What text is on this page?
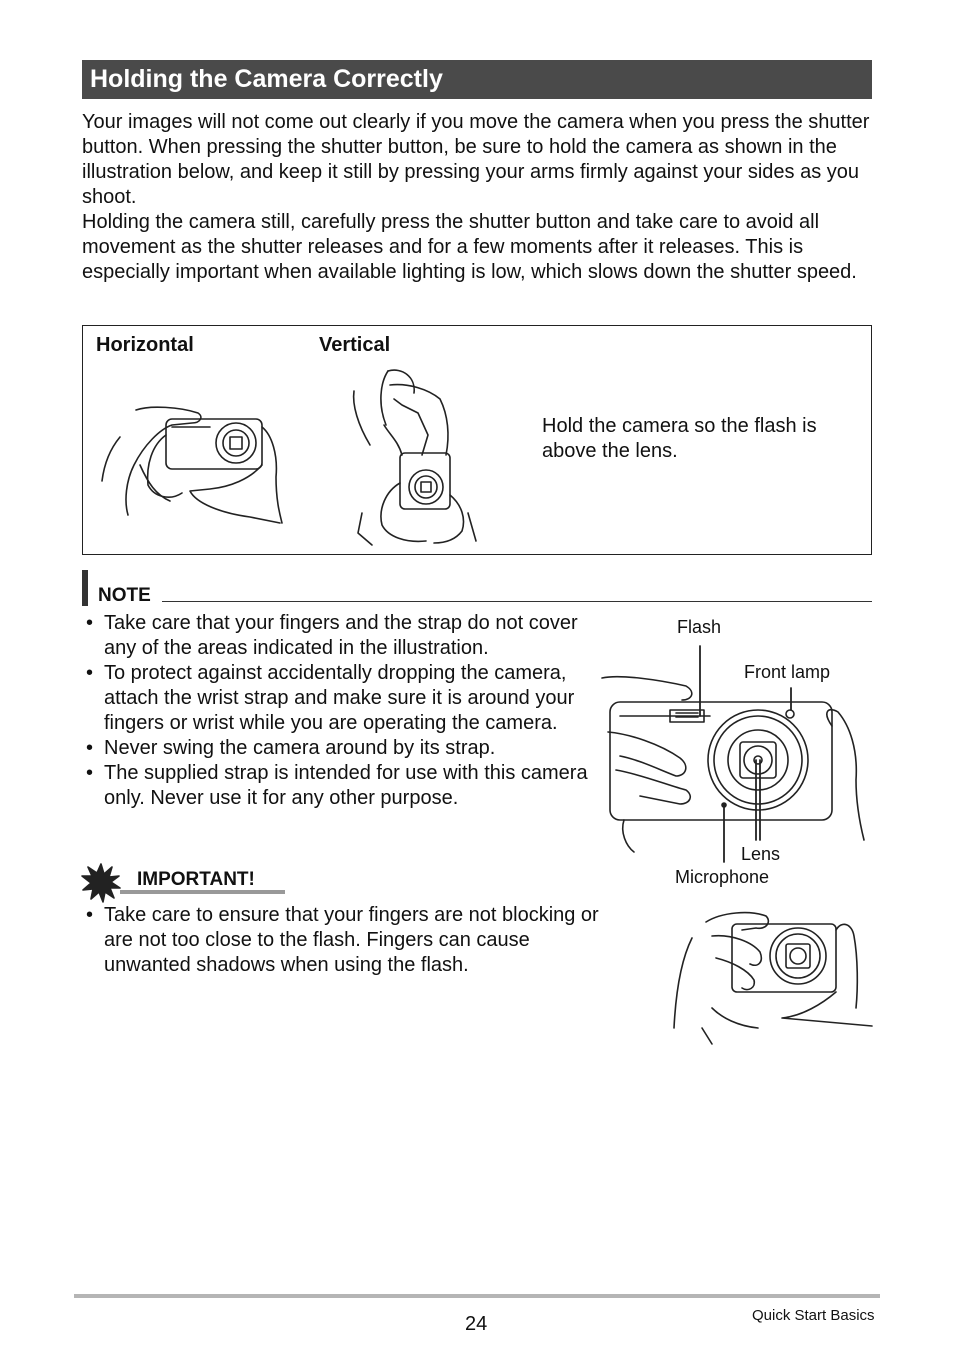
Holding the Camera Correctly

Your images will not come out clearly if you move the camera when you press the shutter button. When pressing the shutter button, be sure to hold the camera as shown in the illustration below, and keep it still by pressing your arms firmly against your sides as you shoot.

Holding the camera still, carefully press the shutter button and take care to avoid all movement as the shutter releases and for a few moments after it releases. This is especially important when available lighting is low, which slows down the shutter speed.

Horizontal	Vertical
Hold the camera so the flash is above the lens.
NOTE
• Take care that your fingers and the strap do not cover any of the areas indicated in the illustration.
• To protect against accidentally dropping the camera, attach the wrist strap and make sure it is around your fingers or wrist while you are operating the camera.
• Never swing the camera around by its strap.
• The supplied strap is intended for use with this camera only. Never use it for any other purpose.
IMPORTANT!
• Take care to ensure that your fingers are not blocking or are not too close to the flash. Fingers can cause unwanted shadows when using the flash.
Flash
Front lamp
Lens
Microphone
24	Quick Start Basics
